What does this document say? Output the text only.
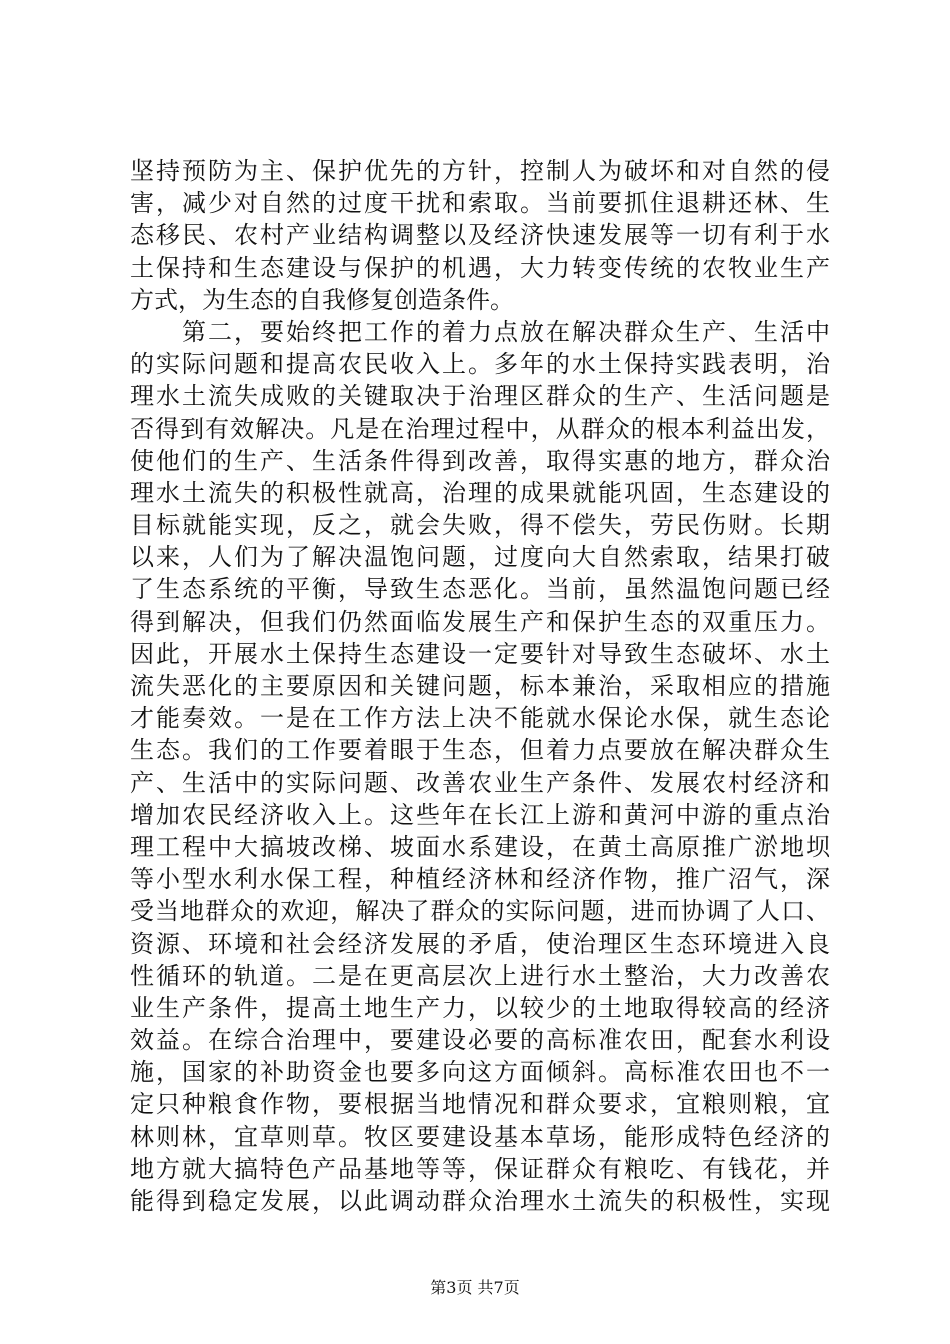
坚持预防为主、保护优先的方针，控制人为破坏和对自然的侵
害，减少对自然的过度干扰和索取。当前要抓住退耕还林、生
态移民、农村产业结构调整以及经济快速发展等一切有利于水
土保持和生态建设与保护的机遇，大力转变传统的农牧业生产
方式，为生态的自我修复创造条件。
　　第二，要始终把工作的着力点放在解决群众生产、生活中
的实际问题和提高农民收入上。多年的水土保持实践表明，治
理水土流失成败的关键取决于治理区群众的生产、生活问题是
否得到有效解决。凡是在治理过程中，从群众的根本利益出发，
使他们的生产、生活条件得到改善，取得实惠的地方，群众治
理水土流失的积极性就高，治理的成果就能巩固，生态建设的
目标就能实现，反之，就会失败，得不偿失，劳民伤财。长期
以来，人们为了解决温饱问题，过度向大自然索取，结果打破
了生态系统的平衡，导致生态恶化。当前，虽然温饱问题已经
得到解决，但我们仍然面临发展生产和保护生态的双重压力。
因此，开展水土保持生态建设一定要针对导致生态破坏、水土
流失恶化的主要原因和关键问题，标本兼治，采取相应的措施
才能奏效。一是在工作方法上决不能就水保论水保，就生态论
生态。我们的工作要着眼于生态，但着力点要放在解决群众生
产、生活中的实际问题、改善农业生产条件、发展农村经济和
增加农民经济收入上。这些年在长江上游和黄河中游的重点治
理工程中大搞坡改梯、坡面水系建设，在黄土高原推广淤地坝
等小型水利水保工程，种植经济林和经济作物，推广沼气，深
受当地群众的欢迎，解决了群众的实际问题，进而协调了人口、
资源、环境和社会经济发展的矛盾，使治理区生态环境进入良
性循环的轨道。二是在更高层次上进行水土整治，大力改善农
业生产条件，提高土地生产力，以较少的土地取得较高的经济
效益。在综合治理中，要建设必要的高标准农田，配套水利设
施，国家的补助资金也要多向这方面倾斜。高标准农田也不一
定只种粮食作物，要根据当地情况和群众要求，宜粮则粮，宜
林则林，宜草则草。牧区要建设基本草场，能形成特色经济的
地方就大搞特色产品基地等等，保证群众有粮吃、有钱花，并
能得到稳定发展，以此调动群众治理水土流失的积极性，实现
第3页 共7页
